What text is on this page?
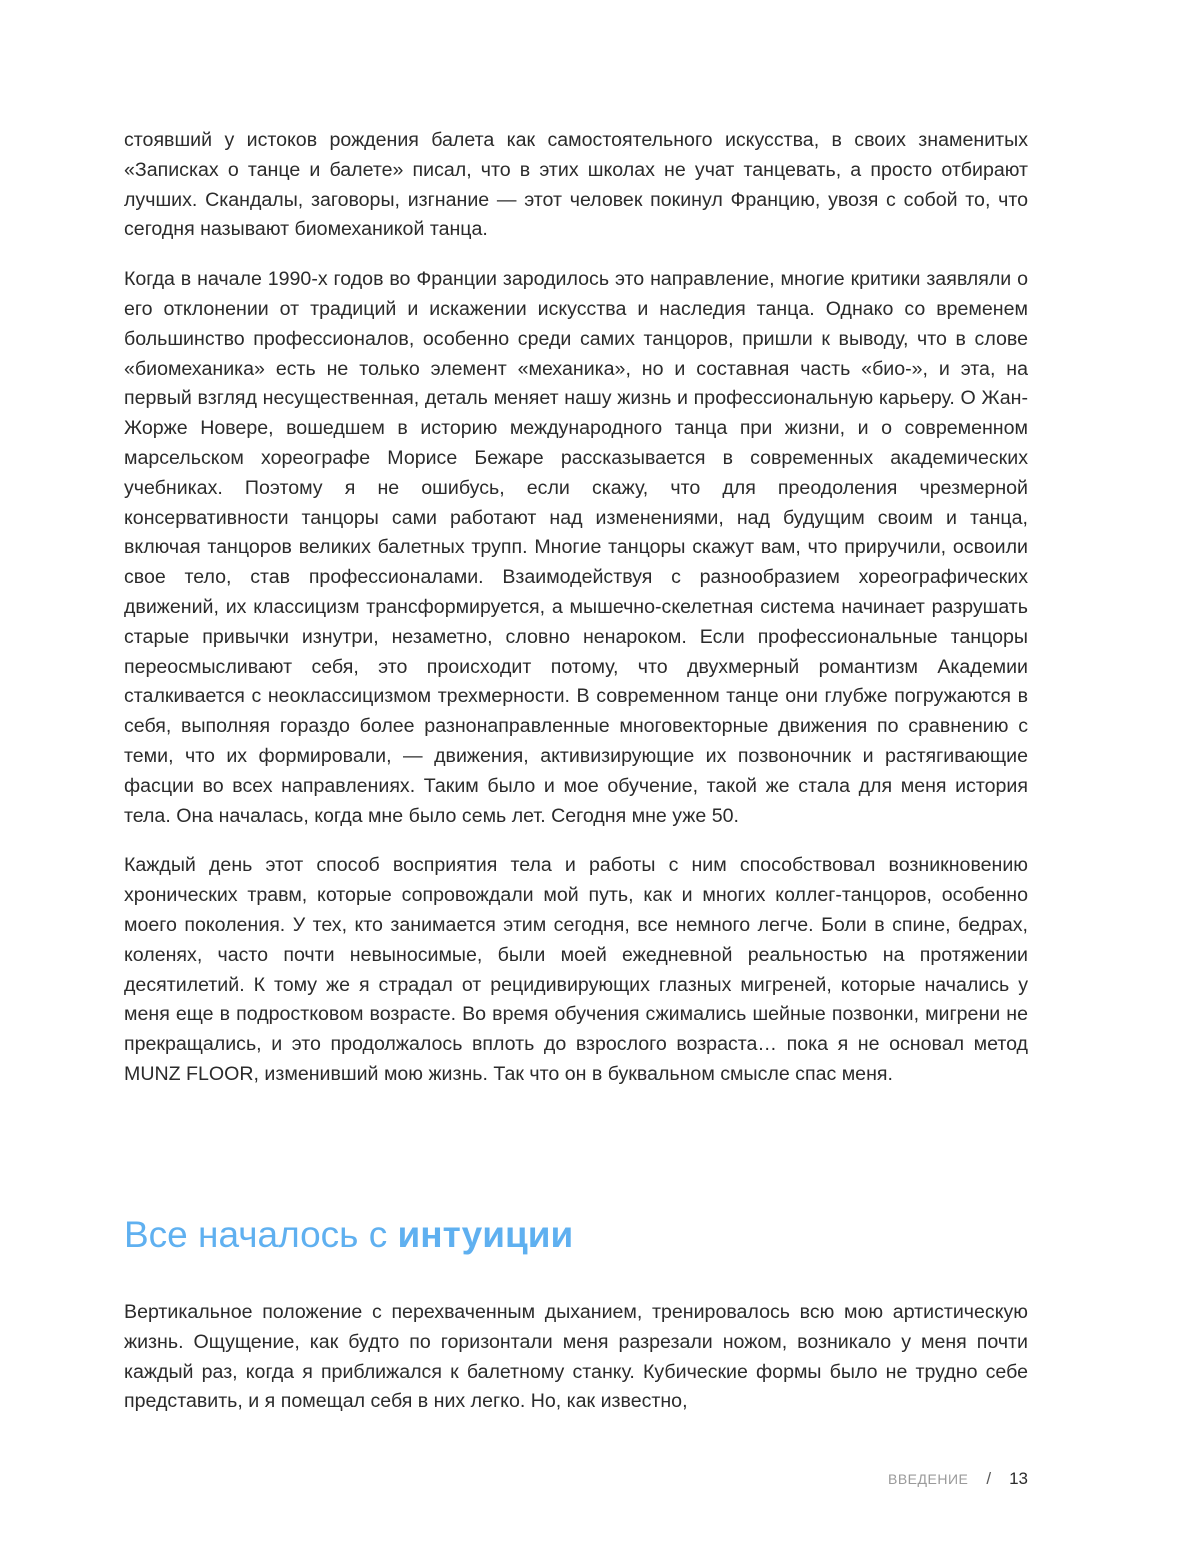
стоявший у истоков рождения балета как самостоятельного искусства, в своих знаменитых «Записках о танце и балете» писал, что в этих школах не учат танцевать, а просто отбирают лучших. Скандалы, заговоры, изгнание — этот человек покинул Францию, увозя с собой то, что сегодня называют биомеханикой танца.

Когда в начале 1990-х годов во Франции зародилось это направление, многие критики заявляли о его отклонении от традиций и искажении искусства и наследия танца. Однако со временем большинство профессионалов, особенно среди самих танцоров, пришли к выводу, что в слове «биомеханика» есть не только элемент «механика», но и составная часть «био-», и эта, на первый взгляд несущественная, деталь меняет нашу жизнь и профессиональную карьеру. О Жан-Жорже Новере, вошедшем в историю международного танца при жизни, и о современном марсельском хореографе Морисе Бежаре рассказывается в современных академических учебниках. Поэтому я не ошибусь, если скажу, что для преодоления чрезмерной консервативности танцоры сами работают над изменениями, над будущим своим и танца, включая танцоров великих балетных трупп. Многие танцоры скажут вам, что приручили, освоили свое тело, став профессионалами. Взаимодействуя с разнообразием хореографических движений, их классицизм трансформируется, а мышечно-скелетная система начинает разрушать старые привычки изнутри, незаметно, словно ненароком. Если профессиональные танцоры переосмысливают себя, это происходит потому, что двухмерный романтизм Академии сталкивается с неоклассицизмом трехмерности. В современном танце они глубже погружаются в себя, выполняя гораздо более разнонаправленные многовекторные движения по сравнению с теми, что их формировали, — движения, активизирующие их позвоночник и растягивающие фасции во всех направлениях. Таким было и мое обучение, такой же стала для меня история тела. Она началась, когда мне было семь лет. Сегодня мне уже 50.

Каждый день этот способ восприятия тела и работы с ним способствовал возникновению хронических травм, которые сопровождали мой путь, как и многих коллег-танцоров, особенно моего поколения. У тех, кто занимается этим сегодня, все немного легче. Боли в спине, бедрах, коленях, часто почти невыносимые, были моей ежедневной реальностью на протяжении десятилетий. К тому же я страдал от рецидивирующих глазных мигреней, которые начались у меня еще в подростковом возрасте. Во время обучения сжимались шейные позвонки, мигрени не прекращались, и это продолжалось вплоть до взрослого возраста… пока я не основал метод MUNZ FLOOR, изменивший мою жизнь. Так что он в буквальном смысле спас меня.

Все началось с интуиции

Вертикальное положение с перехваченным дыханием, тренировалось всю мою артистическую жизнь. Ощущение, как будто по горизонтали меня разрезали ножом, возникало у меня почти каждый раз, когда я приближался к балетному станку. Кубические формы было не трудно себе представить, и я помещал себя в них легко. Но, как известно,

ВВЕДЕНИЕ / 13
